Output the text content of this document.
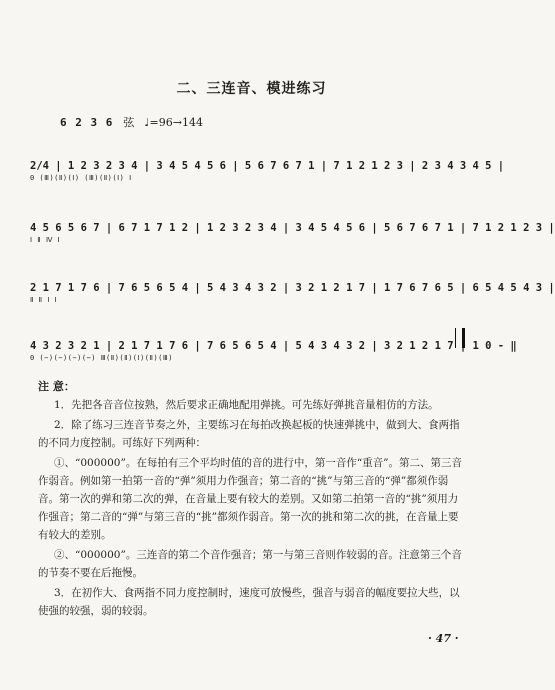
二、三连音、模进练习
6 2 3 6 弦 ♩=96→144
2/4 | 1 2 3 2 3 4 | 3 4 5 4 5 6 | 5 6 7 6 7 1 | 7 1 2 1 2 3 | 2 3 4 3 4 5 |
0 (Ⅲ)(Ⅱ)(Ⅰ) (Ⅲ)(Ⅱ)(Ⅰ) Ⅰ
4 5 6 5 6 7 | 6 7 1 7 1 2 | 1 2 3 2 3 4 | 3 4 5 4 5 6 | 5 6 7 6 7 1 | 7 1 2 1 2 3 |
Ⅰ Ⅱ Ⅳ Ⅰ
2 1 7 1 7 6 | 7 6 5 6 5 4 | 5 4 3 4 3 2 | 3 2 1 2 1 7 | 1 7 6 7 6 5 | 6 5 4 5 4 3 |
Ⅱ Ⅱ Ⅰ Ⅰ
4 3 2 3 2 1 | 2 1 7 1 7 6 | 7 6 5 6 5 4 | 5 4 3 4 3 2 | 3 2 1 2 1 7 | 1 0 - ‖
0 (−)(−)(−)(−) Ⅲ(Ⅱ)(Ⅱ)(Ⅰ)(Ⅱ)(Ⅲ)
注 意：
1．先把各音音位按熟，然后要求正确地配用弹挑。可先练好弹挑音量相仿的方法。
2．除了练习三连音节奏之外，主要练习在每拍改换起板的快速弹挑中，做到大、食两指的不同力度控制。可练好下列两种：
①、“000000”。在每拍有三个平均时值的音的进行中，第一音作“重音”。第二、第三音作弱音。例如第一拍第一音的“弹”须用力作强音；第二音的“挑”与第三音的“弹”都须作弱音。第一次的弹和第二次的弹，在音量上要有较大的差别。又如第二拍第一音的“挑”须用力作强音；第二音的“弹”与第三音的“挑”都须作弱音。第一次的挑和第二次的挑，在音量上要有较大的差别。
②、“000000”。三连音的第二个音作强音；第一与第三音则作较弱的音。注意第三个音的节奏不要在后拖慢。
3．在初作大、食两指不同力度控制时，速度可放慢些，强音与弱音的幅度要拉大些，以使强的较强，弱的较弱。
· 47 ·
